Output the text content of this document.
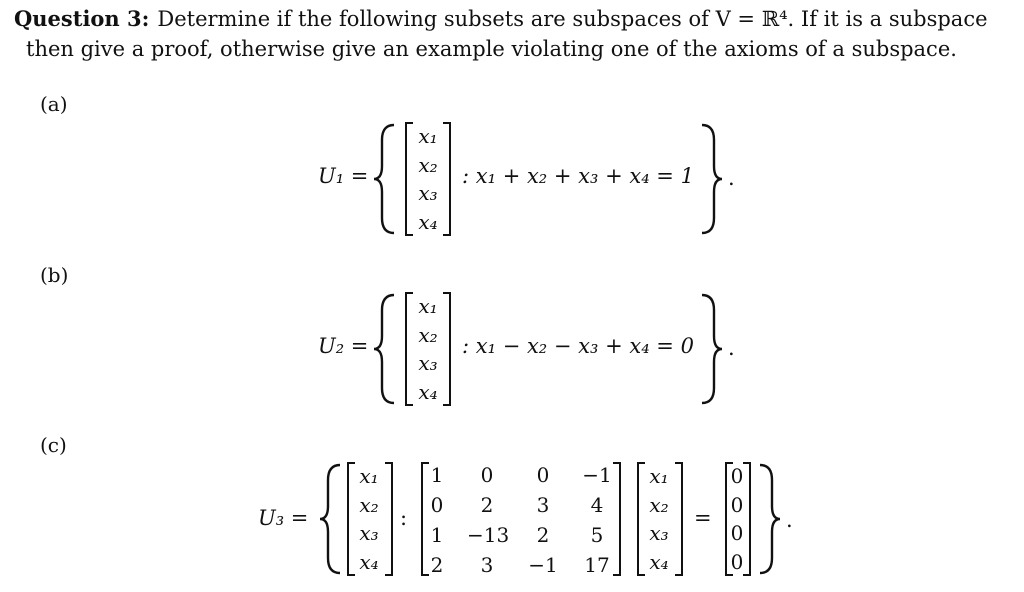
Question 3: Determine if the following subsets are subspaces of V = ℝ⁴. If it is a subspace
then give a proof, otherwise give an example violating one of the axioms of a subspace.
(a)
U₁ =
x₁
x₂
x₃
x₄
: x₁ + x₂ + x₃ + x₄ = 1 .
(b)
U₂ =
x₁
x₂
x₃
x₄
: x₁ − x₂ − x₃ + x₄ = 0 .
(c)
U₃ =
x₁
x₂
x₃
x₄
:
1	0	0	−1
0	2	3	4
1	−13	2	5
2	3	−1	17
x₁
x₂
x₃
x₄
=
0
0
0
0
.
